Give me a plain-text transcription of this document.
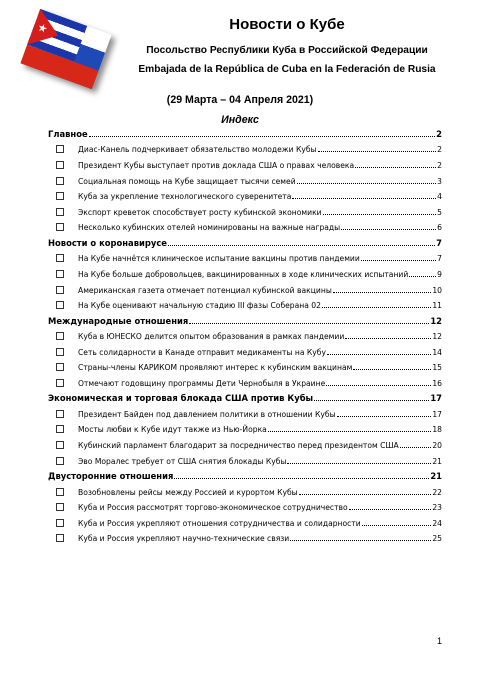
★	Новости о Кубе
Посольство Республики Куба в Российской Федерации
Embajada de la República de Cuba en la Federación de Rusia
(29 Марта – 04 Апреля 2021)
Индекс
Главное	2
Диас-Канель подчеркивает обязательство молодежи Кубы	2
Президент Кубы выступает против доклада США о правах человека	2
Социальная помощь на Кубе защищает тысячи семей	3
Куба за укрепление технологического суверенитета	4
Экспорт креветок способствует росту кубинской экономики	5
Несколько кубинских отелей номинированы на важные награды	6
Новости о коронавирусе	7
На Кубе начнётся клиническое испытание вакцины против пандемии	7
На Кубе больше добровольцев, вакцинированных в ходе клинических испытаний	9
Американская газета отмечает потенциал кубинской вакцины	10
На Кубе оценивают начальную стадию III фазы Соберана 02	11
Международные отношения	12
Куба в ЮНЕСКО делится опытом образования в рамках пандемии	12
Сеть солидарности в Канаде отправит медикаменты на Кубу	14
Страны-члены КАРИКОМ проявляют интерес к кубинским вакцинам	15
Отмечают годовщину программы Дети Чернобыля в Украине	16
Экономическая и торговая блокада США против Кубы	17
Президент Байден под давлением политики в отношении Кубы	17
Мосты любви к Кубе идут также из Нью-Йорка	18
Кубинский парламент благодарит за посредничество перед президентом США	20
Эво Моралес требует от США снятия блокады Кубы	21
Двусторонние отношения	21
Возобновлены рейсы между Россией и курортом Кубы	22
Куба и Россия рассмотрят торгово-экономическое сотрудничество	23
Куба и Россия укрепляют отношения сотрудничества и солидарности	24
Куба и Россия укрепляют научно-технические связи	25
1
